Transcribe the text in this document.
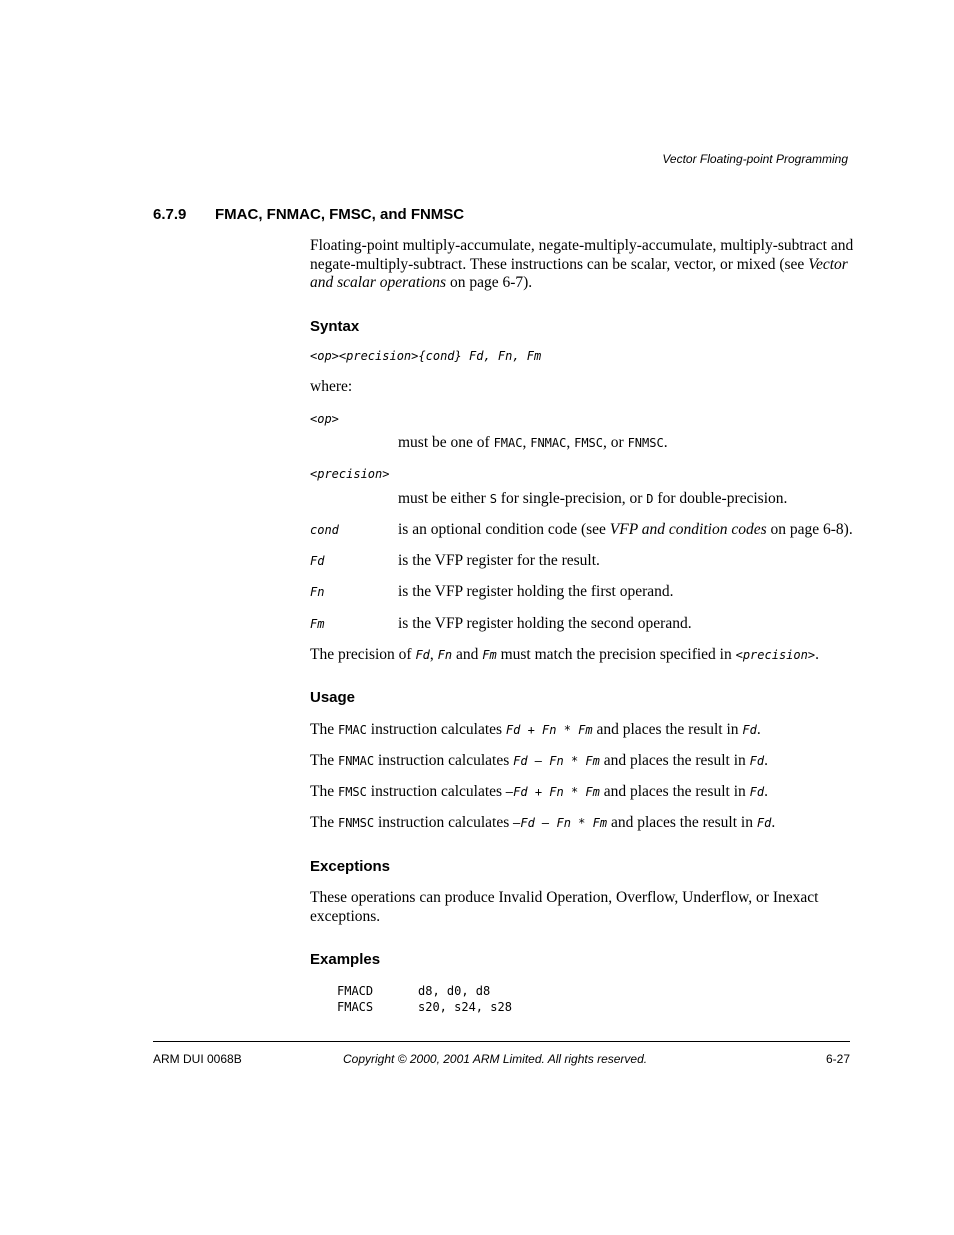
Vector Floating-point Programming
6.7.9 FMAC, FNMAC, FMSC, and FNMSC
Floating-point multiply-accumulate, negate-multiply-accumulate, multiply-subtract and negate-multiply-subtract. These instructions can be scalar, vector, or mixed (see Vector and scalar operations on page 6-7).
Syntax
<op><precision>{cond} Fd, Fn, Fm
where:
<op>
must be one of FMAC, FNMAC, FMSC, or FNMSC.
<precision>
must be either S for single-precision, or D for double-precision.
cond	is an optional condition code (see VFP and condition codes on page 6-8).
Fd	is the VFP register for the result.
Fn	is the VFP register holding the first operand.
Fm	is the VFP register holding the second operand.
The precision of Fd, Fn and Fm must match the precision specified in <precision>.
Usage
The FMAC instruction calculates Fd + Fn * Fm and places the result in Fd.
The FNMAC instruction calculates Fd – Fn * Fm and places the result in Fd.
The FMSC instruction calculates –Fd + Fn * Fm and places the result in Fd.
The FNMSC instruction calculates –Fd – Fn * Fm and places the result in Fd.
Exceptions
These operations can produce Invalid Operation, Overflow, Underflow, or Inexact exceptions.
Examples
FMACD	d8, d0, d8
FMACS	s20, s24, s28
ARM DUI 0068B	Copyright © 2000, 2001 ARM Limited. All rights reserved.	6-27
